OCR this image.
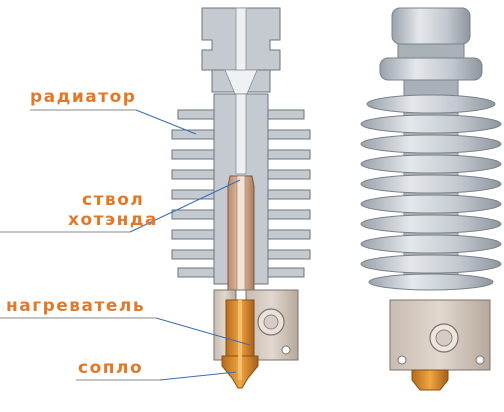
радиатор
ствол
хотэнда
нагреватель
сопло
